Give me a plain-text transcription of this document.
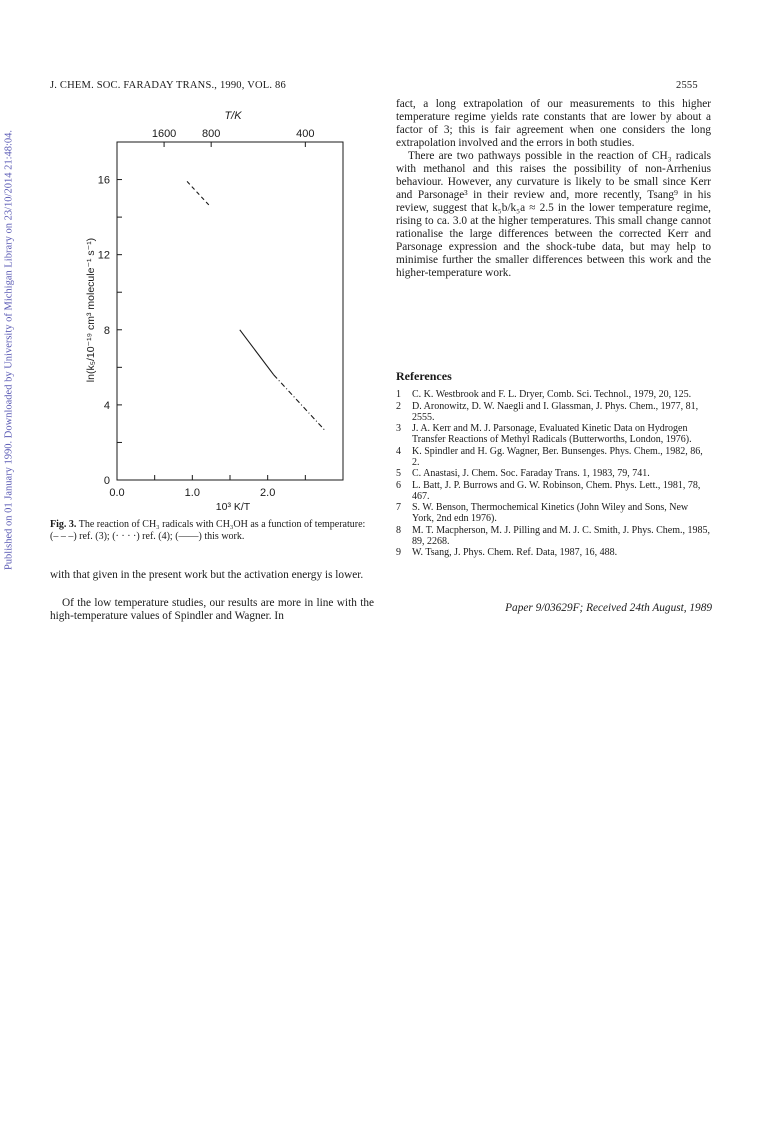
Published on 01 January 1990. Downloaded by University of Michigan Library on 23/10/2014 21:48:04.
J. CHEM. SOC. FARADAY TRANS., 1990, VOL. 86	2555
T/K
0.0	1.0	2.0
0
4
8
12
16
1600 800	400
10³ K/T
ln(k₅/10⁻¹⁹ cm³ molecule⁻¹ s⁻¹)
Fig. 3. The reaction of CH₃ radicals with CH₃OH as a function of temperature: (– – –) ref. (3); (· · · ·) ref. (4); (——) this work.

with that given in the present work but the activation energy is lower.

Of the low temperature studies, our results are more in line with the high-temperature values of Spindler and Wagner. In

fact, a long extrapolation of our measurements to this higher temperature regime yields rate constants that are lower by about a factor of 3; this is fair agreement when one considers the long extrapolation involved and the errors in both studies.

There are two pathways possible in the reaction of CH₃ radicals with methanol and this raises the possibility of non-Arrhenius behaviour. However, any curvature is likely to be small since Kerr and Parsonage³ in their review and, more recently, Tsang⁹ in his review, suggest that k₅b/k₅a ≈ 2.5 in the lower temperature regime, rising to ca. 3.0 at the higher temperatures. This small change cannot rationalise the large differences between the corrected Kerr and Parsonage expression and the shock-tube data, but may help to minimise further the smaller differences between this work and the higher-temperature work.

References
1	C. K. Westbrook and F. L. Dryer, Comb. Sci. Technol., 1979, 20, 125.
2	D. Aronowitz, D. W. Naegli and I. Glassman, J. Phys. Chem., 1977, 81, 2555.
3	J. A. Kerr and M. J. Parsonage, Evaluated Kinetic Data on Hydrogen Transfer Reactions of Methyl Radicals (Butterworths, London, 1976).
4	K. Spindler and H. Gg. Wagner, Ber. Bunsenges. Phys. Chem., 1982, 86, 2.
5	C. Anastasi, J. Chem. Soc. Faraday Trans. 1, 1983, 79, 741.
6	L. Batt, J. P. Burrows and G. W. Robinson, Chem. Phys. Lett., 1981, 78, 467.
7	S. W. Benson, Thermochemical Kinetics (John Wiley and Sons, New York, 2nd edn 1976).
8	M. T. Macpherson, M. J. Pilling and M. J. C. Smith, J. Phys. Chem., 1985, 89, 2268.
9	W. Tsang, J. Phys. Chem. Ref. Data, 1987, 16, 488.
Paper 9/03629F; Received 24th August, 1989
